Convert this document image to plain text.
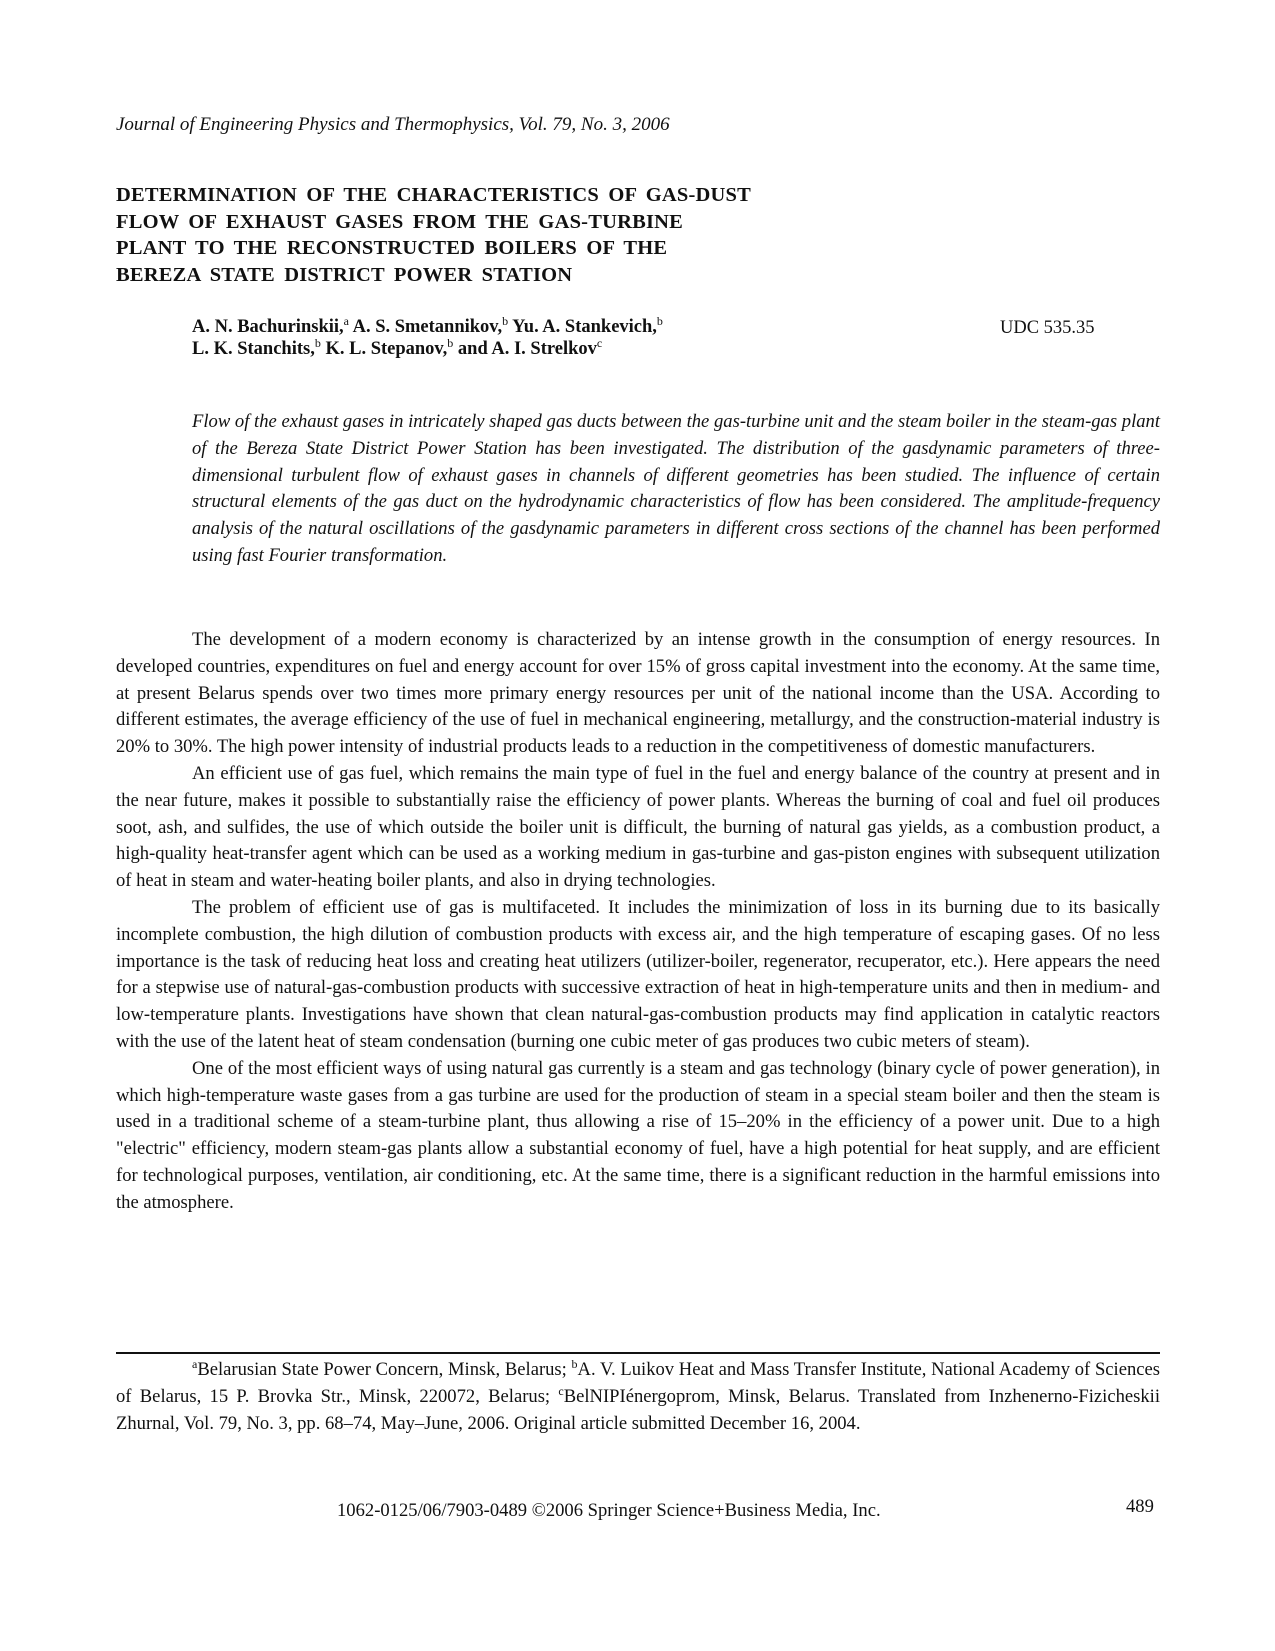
Journal of Engineering Physics and Thermophysics, Vol. 79, No. 3, 2006
DETERMINATION OF THE CHARACTERISTICS OF GAS-DUST
FLOW OF EXHAUST GASES FROM THE GAS-TURBINE
PLANT TO THE RECONSTRUCTED BOILERS OF THE
BEREZA STATE DISTRICT POWER STATION
A. N. Bachurinskii,$^a$ A. S. Smetannikov,$^b$ Yu. A. Stankevich,$^b$
L. K. Stanchits,$^b$ K. L. Stepanov,$^b$ and A. I. Strelkov$^c$
UDC 535.35

Flow of the exhaust gases in intricately shaped gas ducts between the gas-turbine unit and the steam boiler in the steam-gas plant of the Bereza State District Power Station has been investigated. The distribution of the gasdynamic parameters of three-dimensional turbulent flow of exhaust gases in channels of different geometries has been studied. The influence of certain structural elements of the gas duct on the hydrodynamic characteristics of flow has been considered. The amplitude-frequency analysis of the natural oscillations of the gasdynamic parameters in different cross sections of the channel has been performed using fast Fourier transformation.

The development of a modern economy is characterized by an intense growth in the consumption of energy resources. In developed countries, expenditures on fuel and energy account for over 15% of gross capital investment into the economy. At the same time, at present Belarus spends over two times more primary energy resources per unit of the national income than the USA. According to different estimates, the average efficiency of the use of fuel in mechanical engineering, metallurgy, and the construction-material industry is 20% to 30%. The high power intensity of industrial products leads to a reduction in the competitiveness of domestic manufacturers.

An efficient use of gas fuel, which remains the main type of fuel in the fuel and energy balance of the country at present and in the near future, makes it possible to substantially raise the efficiency of power plants. Whereas the burning of coal and fuel oil produces soot, ash, and sulfides, the use of which outside the boiler unit is difficult, the burning of natural gas yields, as a combustion product, a high-quality heat-transfer agent which can be used as a working medium in gas-turbine and gas-piston engines with subsequent utilization of heat in steam and water-heating boiler plants, and also in drying technologies.

The problem of efficient use of gas is multifaceted. It includes the minimization of loss in its burning due to its basically incomplete combustion, the high dilution of combustion products with excess air, and the high temperature of escaping gases. Of no less importance is the task of reducing heat loss and creating heat utilizers (utilizer-boiler, regenerator, recuperator, etc.). Here appears the need for a stepwise use of natural-gas-combustion products with successive extraction of heat in high-temperature units and then in medium- and low-temperature plants. Investigations have shown that clean natural-gas-combustion products may find application in catalytic reactors with the use of the latent heat of steam condensation (burning one cubic meter of gas produces two cubic meters of steam).

One of the most efficient ways of using natural gas currently is a steam and gas technology (binary cycle of power generation), in which high-temperature waste gases from a gas turbine are used for the production of steam in a special steam boiler and then the steam is used in a traditional scheme of a steam-turbine plant, thus allowing a rise of 15–20% in the efficiency of a power unit. Due to a high "electric" efficiency, modern steam-gas plants allow a substantial economy of fuel, have a high potential for heat supply, and are efficient for technological purposes, ventilation, air conditioning, etc. At the same time, there is a significant reduction in the harmful emissions into the atmosphere.

$^a$Belarusian State Power Concern, Minsk, Belarus; $^b$A. V. Luikov Heat and Mass Transfer Institute, National Academy of Sciences of Belarus, 15 P. Brovka Str., Minsk, 220072, Belarus; $^c$BelNIPIénergoprom, Minsk, Belarus. Translated from Inzhenerno-Fizicheskii Zhurnal, Vol. 79, No. 3, pp. 68–74, May–June, 2006. Original article submitted December 16, 2004.

1062-0125/06/7903-0489 ©2006 Springer Science+Business Media, Inc.	489
